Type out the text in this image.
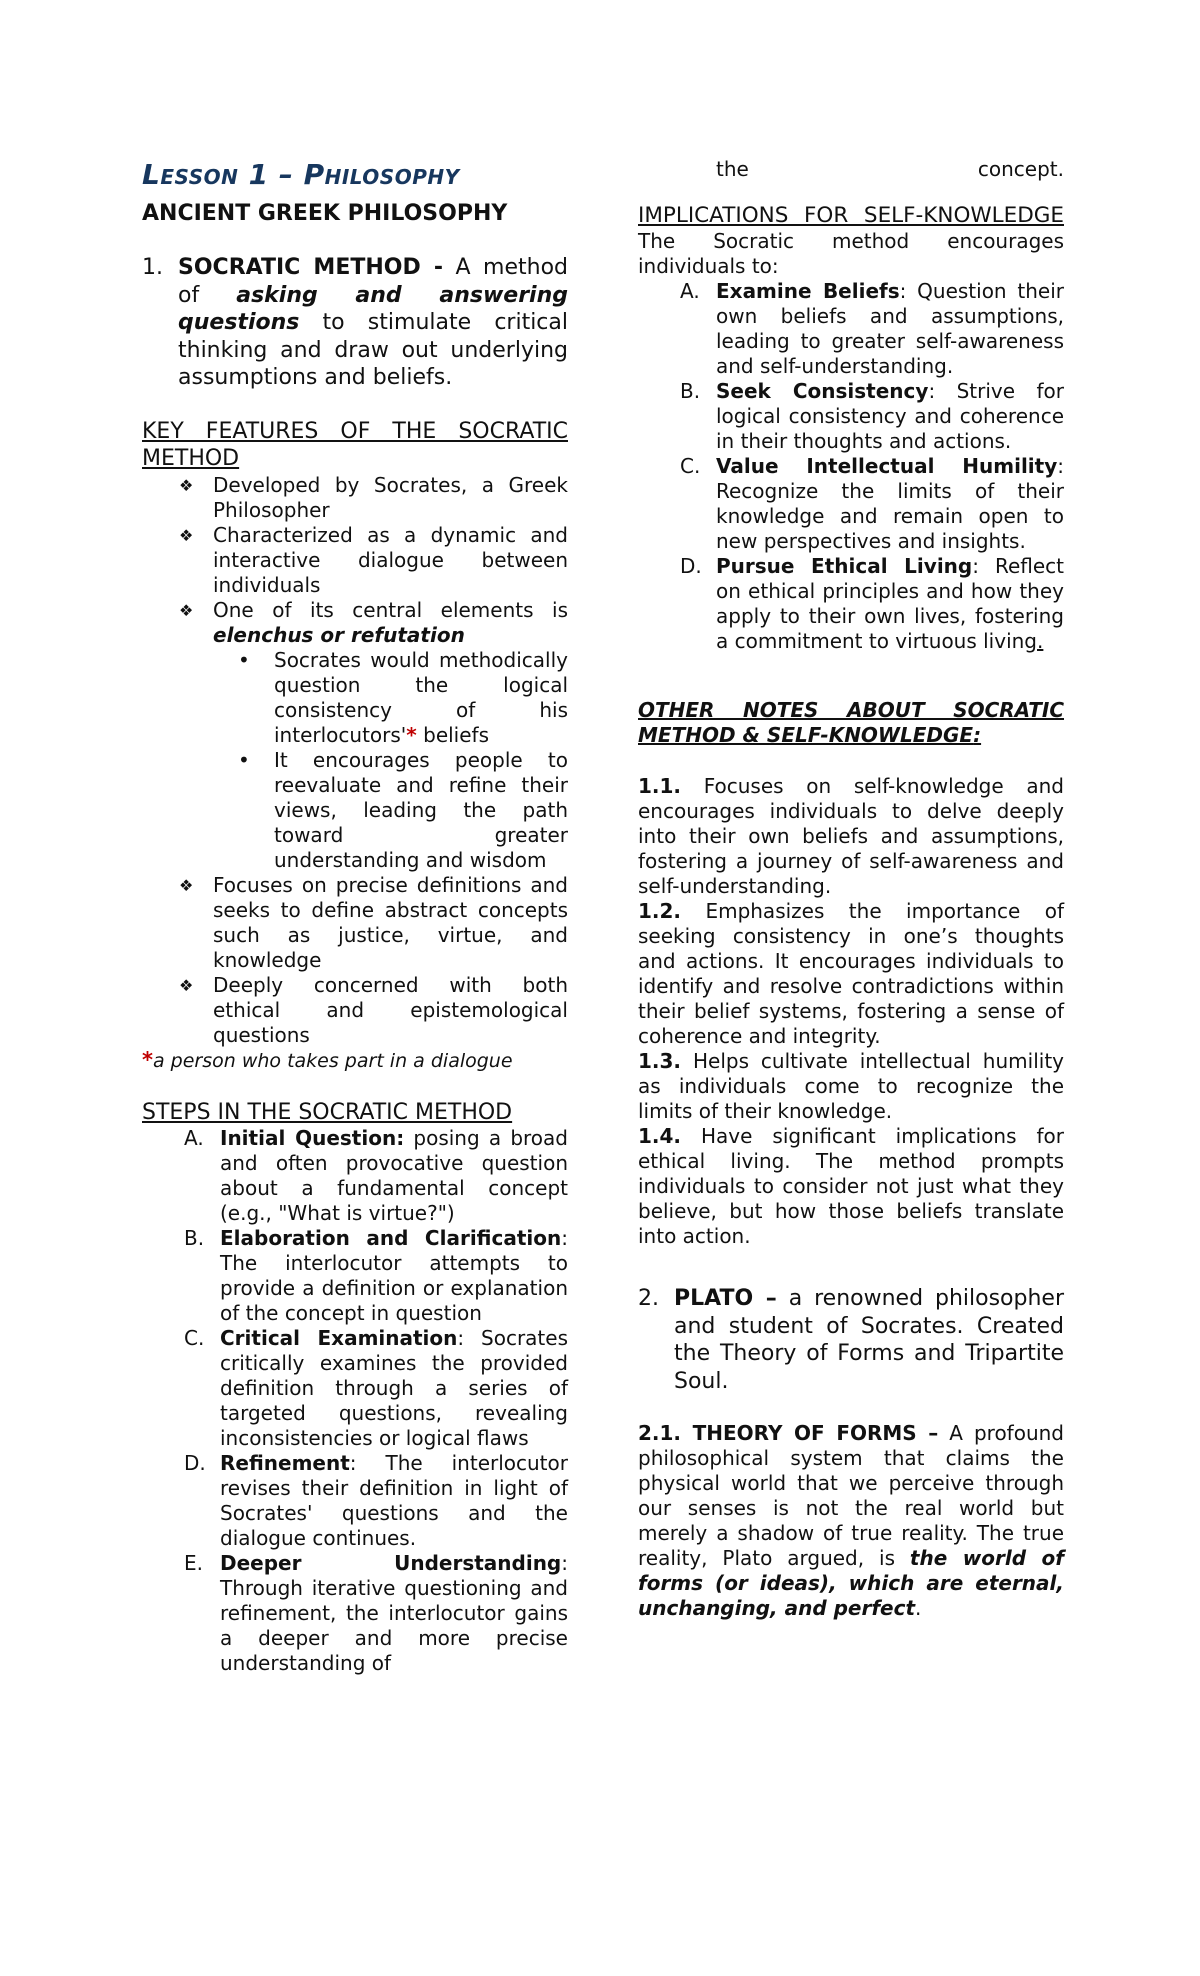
Lesson 1 – Philosophy
ANCIENT GREEK PHILOSOPHY
1. SOCRATIC METHOD - A method of asking and answering questions to stimulate critical thinking and draw out underlying assumptions and beliefs.

KEY FEATURES OF THE SOCRATIC METHOD
❖ Developed by Socrates, a Greek Philosopher
❖ Characterized as a dynamic and interactive dialogue between individuals
❖ One of its central elements is elenchus or refutation
• Socrates would methodically question the logical consistency of his interlocutors'* beliefs
• It encourages people to reevaluate and refine their views, leading the path toward greater understanding and wisdom
❖ Focuses on precise definitions and seeks to define abstract concepts such as justice, virtue, and knowledge
❖ Deeply concerned with both ethical and epistemological questions

*a person who takes part in a dialogue

STEPS IN THE SOCRATIC METHOD
A. Initial Question: posing a broad and often provocative question about a fundamental concept (e.g., "What is virtue?")
B. Elaboration and Clarification: The interlocutor attempts to provide a definition or explanation of the concept in question
C. Critical Examination: Socrates critically examines the provided definition through a series of targeted questions, revealing inconsistencies or logical flaws
D. Refinement: The interlocutor revises their definition in light of Socrates' questions and the dialogue continues.
E. Deeper Understanding: Through iterative questioning and refinement, the interlocutor gains a deeper and more precise understanding of

the concept.

IMPLICATIONS FOR SELF-KNOWLEDGE

The Socratic method encourages individuals to:

A. Examine Beliefs: Question their own beliefs and assumptions, leading to greater self-awareness and self-understanding.
B. Seek Consistency: Strive for logical consistency and coherence in their thoughts and actions.
C. Value Intellectual Humility: Recognize the limits of their knowledge and remain open to new perspectives and insights.
D. Pursue Ethical Living: Reflect on ethical principles and how they apply to their own lives, fostering a commitment to virtuous living.

OTHER NOTES ABOUT SOCRATIC METHOD & SELF-KNOWLEDGE:

1.1. Focuses on self-knowledge and encourages individuals to delve deeply into their own beliefs and assumptions, fostering a journey of self-awareness and self-understanding.

1.2. Emphasizes the importance of seeking consistency in one’s thoughts and actions. It encourages individuals to identify and resolve contradictions within their belief systems, fostering a sense of coherence and integrity.

1.3. Helps cultivate intellectual humility as individuals come to recognize the limits of their knowledge.

1.4. Have significant implications for ethical living. The method prompts individuals to consider not just what they believe, but how those beliefs translate into action.

2. PLATO – a renowned philosopher and student of Socrates. Created the Theory of Forms and Tripartite Soul.

2.1. THEORY OF FORMS – A profound philosophical system that claims the physical world that we perceive through our senses is not the real world but merely a shadow of true reality. The true reality, Plato argued, is the world of forms (or ideas), which are eternal, unchanging, and perfect.
